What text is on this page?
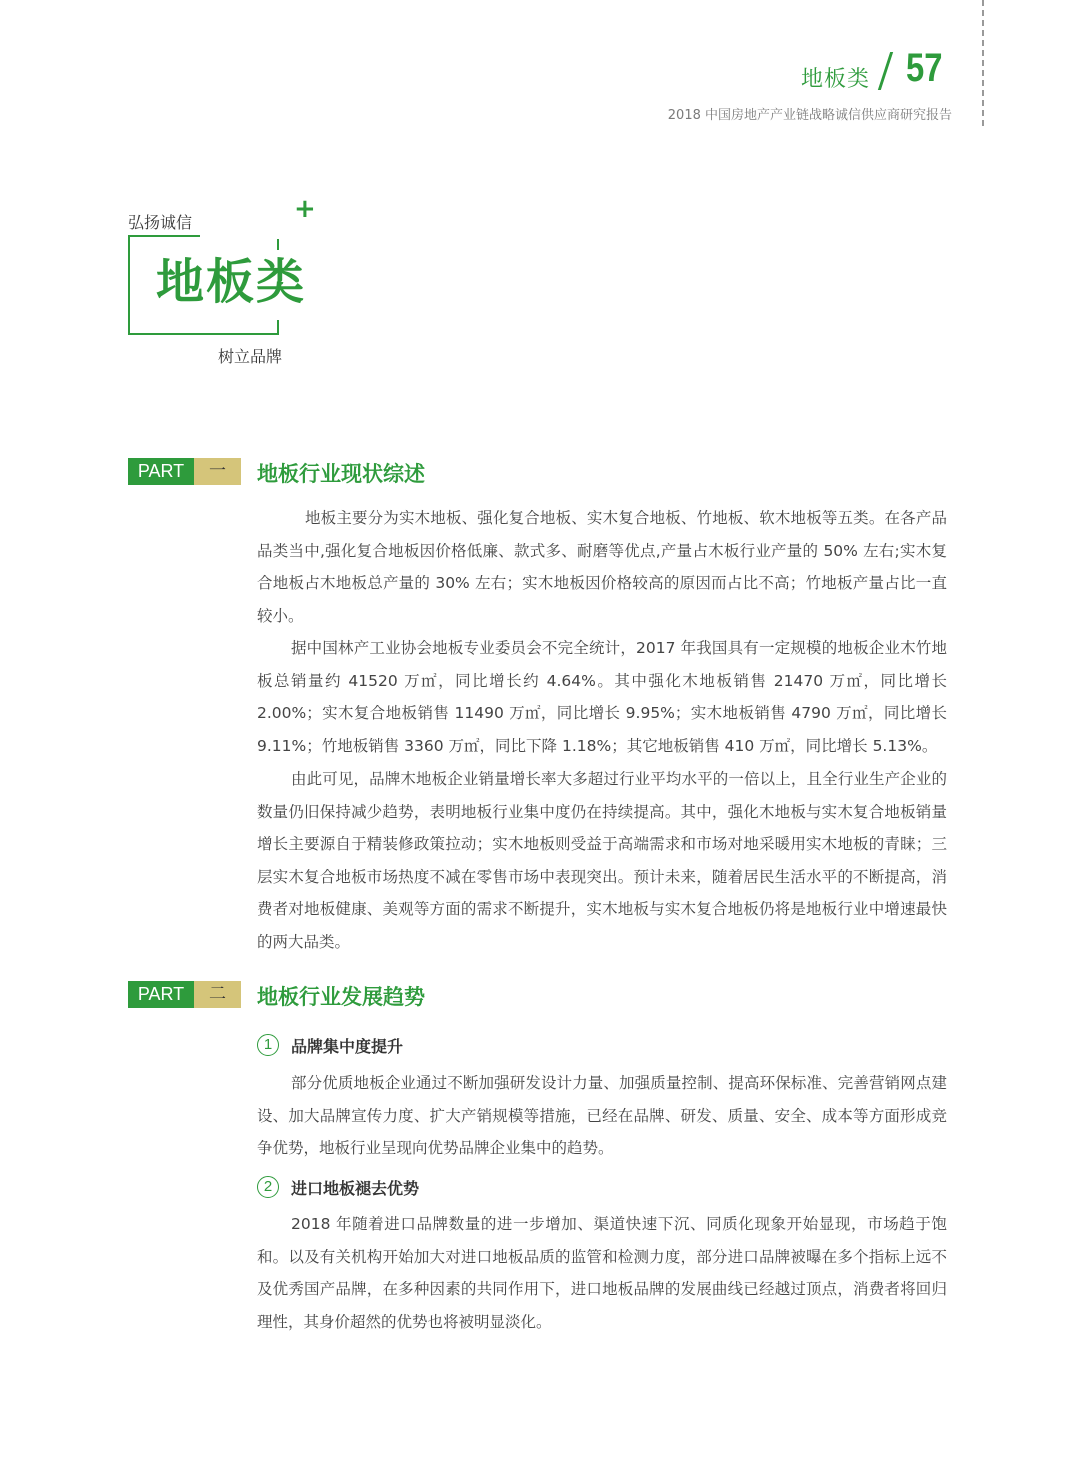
地板类 57
2018 中国房地产产业链战略诚信供应商研究报告
弘扬诚信	+
地板类
树立品牌
PART	一	地板行业现状综述

地板主要分为实木地板、强化复合地板、实木复合地板、竹地板、软木地板等五类。在各产品品类当中,强化复合地板因价格低廉、款式多、耐磨等优点,产量占木板行业产量的 50% 左右;实木复合地板占木地板总产量的 30% 左右；实木地板因价格较高的原因而占比不高；竹地板产量占比一直较小。

据中国林产工业协会地板专业委员会不完全统计，2017 年我国具有一定规模的地板企业木竹地板总销量约 41520 万㎡，同比增长约 4.64%。其中强化木地板销售 21470 万㎡，同比增长 2.00%；实木复合地板销售 11490 万㎡，同比增长 9.95%；实木地板销售 4790 万㎡，同比增长 9.11%；竹地板销售 3360 万㎡，同比下降 1.18%；其它地板销售 410 万㎡，同比增长 5.13%。

由此可见，品牌木地板企业销量增长率大多超过行业平均水平的一倍以上，且全行业生产企业的数量仍旧保持减少趋势，表明地板行业集中度仍在持续提高。其中，强化木地板与实木复合地板销量增长主要源自于精装修政策拉动；实木地板则受益于高端需求和市场对地采暖用实木地板的青睐；三层实木复合地板市场热度不减在零售市场中表现突出。预计未来，随着居民生活水平的不断提高，消费者对地板健康、美观等方面的需求不断提升，实木地板与实木复合地板仍将是地板行业中增速最快的两大品类。

PART	二	地板行业发展趋势
1	品牌集中度提升

部分优质地板企业通过不断加强研发设计力量、加强质量控制、提高环保标准、完善营销网点建设、加大品牌宣传力度、扩大产销规模等措施，已经在品牌、研发、质量、安全、成本等方面形成竞争优势，地板行业呈现向优势品牌企业集中的趋势。

2	进口地板褪去优势

2018 年随着进口品牌数量的进一步增加、渠道快速下沉、同质化现象开始显现，市场趋于饱和。以及有关机构开始加大对进口地板品质的监管和检测力度，部分进口品牌被曝在多个指标上远不及优秀国产品牌，在多种因素的共同作用下，进口地板品牌的发展曲线已经越过顶点，消费者将回归理性，其身价超然的优势也将被明显淡化。
